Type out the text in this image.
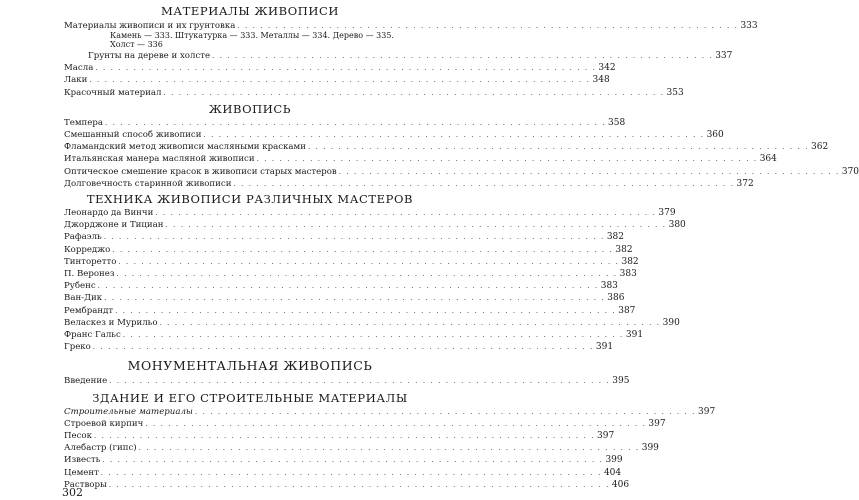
МАТЕРИАЛЫ ЖИВОПИСИ
Материалы живописи и их грунтовка . . . . . . . . . . . . . . . . . . . . . . . . . . . . . . . . . . . . . . . . . . . . . . . . . . . . . . . . . . . . . . . . . . 333
Камень — 333. Штукатурка — 333. Металлы — 334. Дерево — 335.
Холст — 336
Грунты на дереве и холсте . . . . . . . . . . . . . . . . . . . . . . . . . . . . . . . . . . . . . . . . . . . . . . . . . . . . . . . . . . . . . . . . . . 337
Масла . . . . . . . . . . . . . . . . . . . . . . . . . . . . . . . . . . . . . . . . . . . . . . . . . . . . . . . . . . . . . . . . . . 342
Лаки . . . . . . . . . . . . . . . . . . . . . . . . . . . . . . . . . . . . . . . . . . . . . . . . . . . . . . . . . . . . . . . . . . 348
Красочный материал . . . . . . . . . . . . . . . . . . . . . . . . . . . . . . . . . . . . . . . . . . . . . . . . . . . . . . . . . . . . . . . . . . 353
ЖИВОПИСЬ
Темпера . . . . . . . . . . . . . . . . . . . . . . . . . . . . . . . . . . . . . . . . . . . . . . . . . . . . . . . . . . . . . . . . . . 358
Смешанный способ живописи . . . . . . . . . . . . . . . . . . . . . . . . . . . . . . . . . . . . . . . . . . . . . . . . . . . . . . . . . . . . . . . . . . 360
Фламандский метод живописи масляными красками . . . . . . . . . . . . . . . . . . . . . . . . . . . . . . . . . . . . . . . . . . . . . . . . . . . . . . . . . . . . . . . . . . 362
Итальянская манера масляной живописи . . . . . . . . . . . . . . . . . . . . . . . . . . . . . . . . . . . . . . . . . . . . . . . . . . . . . . . . . . . . . . . . . . 364
Оптическое смешение красок в живописи старых мастеров . . . . . . . . . . . . . . . . . . . . . . . . . . . . . . . . . . . . . . . . . . . . . . . . . . . . . . . . . . . . . . . . . . 370
Долговечность старинной живописи . . . . . . . . . . . . . . . . . . . . . . . . . . . . . . . . . . . . . . . . . . . . . . . . . . . . . . . . . . . . . . . . . . 372
ТЕХНИКА ЖИВОПИСИ РАЗЛИЧНЫХ МАСТЕРОВ
Леонардо да Винчи . . . . . . . . . . . . . . . . . . . . . . . . . . . . . . . . . . . . . . . . . . . . . . . . . . . . . . . . . . . . . . . . . . 379
Джорджоне и Тициан . . . . . . . . . . . . . . . . . . . . . . . . . . . . . . . . . . . . . . . . . . . . . . . . . . . . . . . . . . . . . . . . . . 380
Рафаэль . . . . . . . . . . . . . . . . . . . . . . . . . . . . . . . . . . . . . . . . . . . . . . . . . . . . . . . . . . . . . . . . . . 382
Корреджо . . . . . . . . . . . . . . . . . . . . . . . . . . . . . . . . . . . . . . . . . . . . . . . . . . . . . . . . . . . . . . . . . . 382
Тинторетто . . . . . . . . . . . . . . . . . . . . . . . . . . . . . . . . . . . . . . . . . . . . . . . . . . . . . . . . . . . . . . . . . . 382
П. Веронез . . . . . . . . . . . . . . . . . . . . . . . . . . . . . . . . . . . . . . . . . . . . . . . . . . . . . . . . . . . . . . . . . . 383
Рубенс . . . . . . . . . . . . . . . . . . . . . . . . . . . . . . . . . . . . . . . . . . . . . . . . . . . . . . . . . . . . . . . . . . 383
Ван-Дик . . . . . . . . . . . . . . . . . . . . . . . . . . . . . . . . . . . . . . . . . . . . . . . . . . . . . . . . . . . . . . . . . . 386
Рембрандт . . . . . . . . . . . . . . . . . . . . . . . . . . . . . . . . . . . . . . . . . . . . . . . . . . . . . . . . . . . . . . . . . . 387
Веласкез и Мурильо . . . . . . . . . . . . . . . . . . . . . . . . . . . . . . . . . . . . . . . . . . . . . . . . . . . . . . . . . . . . . . . . . . 390
Франс Гальс . . . . . . . . . . . . . . . . . . . . . . . . . . . . . . . . . . . . . . . . . . . . . . . . . . . . . . . . . . . . . . . . . . 391
Греко . . . . . . . . . . . . . . . . . . . . . . . . . . . . . . . . . . . . . . . . . . . . . . . . . . . . . . . . . . . . . . . . . . 391
МОНУМЕНТАЛЬНАЯ ЖИВОПИСЬ
Введение . . . . . . . . . . . . . . . . . . . . . . . . . . . . . . . . . . . . . . . . . . . . . . . . . . . . . . . . . . . . . . . . . . 395
ЗДАНИЕ И ЕГО СТРОИТЕЛЬНЫЕ МАТЕРИАЛЫ
Строительные материалы . . . . . . . . . . . . . . . . . . . . . . . . . . . . . . . . . . . . . . . . . . . . . . . . . . . . . . . . . . . . . . . . . . 397
Строевой кирпич . . . . . . . . . . . . . . . . . . . . . . . . . . . . . . . . . . . . . . . . . . . . . . . . . . . . . . . . . . . . . . . . . . 397
Песок . . . . . . . . . . . . . . . . . . . . . . . . . . . . . . . . . . . . . . . . . . . . . . . . . . . . . . . . . . . . . . . . . . 397
Алебастр (гипс) . . . . . . . . . . . . . . . . . . . . . . . . . . . . . . . . . . . . . . . . . . . . . . . . . . . . . . . . . . . . . . . . . . 399
Известь . . . . . . . . . . . . . . . . . . . . . . . . . . . . . . . . . . . . . . . . . . . . . . . . . . . . . . . . . . . . . . . . . . 399
Цемент . . . . . . . . . . . . . . . . . . . . . . . . . . . . . . . . . . . . . . . . . . . . . . . . . . . . . . . . . . . . . . . . . . 404
Растворы . . . . . . . . . . . . . . . . . . . . . . . . . . . . . . . . . . . . . . . . . . . . . . . . . . . . . . . . . . . . . . . . . . 406
302
